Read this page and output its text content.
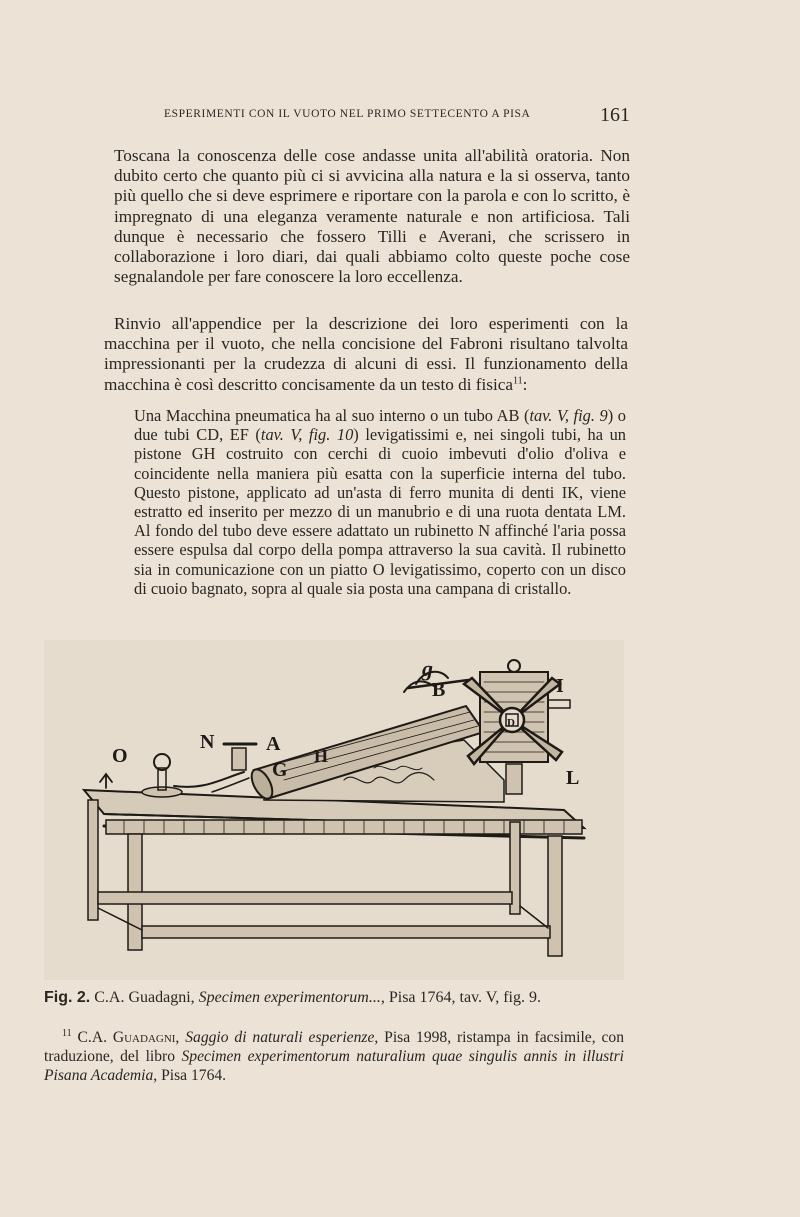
ESPERIMENTI CON IL VUOTO NEL PRIMO SETTECENTO A PISA	161

Toscana la conoscenza delle cose andasse unita all'abilità oratoria. Non dubito certo che quanto più ci si avvicina alla natura e la si osserva, tanto più quello che si deve esprimere e riportare con la parola e con lo scritto, è impregnato di una eleganza veramente naturale e non artificiosa. Tali dunque è necessario che fossero Tilli e Averani, che scrissero in collaborazione i loro diari, dai quali abbiamo colto queste poche cose segnalandole per fare conoscere la loro eccellenza.

Rinvio all'appendice per la descrizione dei loro esperimenti con la macchina per il vuoto, che nella concisione del Fabroni risultano talvolta impressionanti per la crudezza di alcuni di essi. Il funzionamento della macchina è così descritto concisamente da un testo di fisica$^{11}$:

Una Macchina pneumatica ha al suo interno o un tubo AB (tav. V, fig. 9) o due tubi CD, EF (tav. V, fig. 10) levigatissimi e, nei singoli tubi, ha un pistone GH costruito con cerchi di cuoio imbevuti d'olio d'oliva e coincidente nella maniera più esatta con la superficie interna del tubo. Questo pistone, applicato ad un'asta di ferro munita di denti IK, viene estratto ed inserito per mezzo di un manubrio e di una ruota dentata LM. Al fondo del tubo deve essere adattato un rubinetto N affinché l'aria possa essere espulsa dal corpo della pompa attraverso la sua cavità. Il rubinetto sia in comunicazione con un piatto O levigatissimo, coperto con un disco di cuoio bagnato, sopra al quale sia posta una campana di cristallo.

N	A
G
H
B
D
I
L
O
g
Fig. 2. C.A. Guadagni, Specimen experimentorum..., Pisa 1764, tav. V, fig. 9.
$^{11}$ C.A. Guadagni, Saggio di naturali esperienze, Pisa 1998, ristampa in facsimile, con traduzione, del libro Specimen experimentorum naturalium quae singulis annis in illustri Pisana Academia, Pisa 1764.
